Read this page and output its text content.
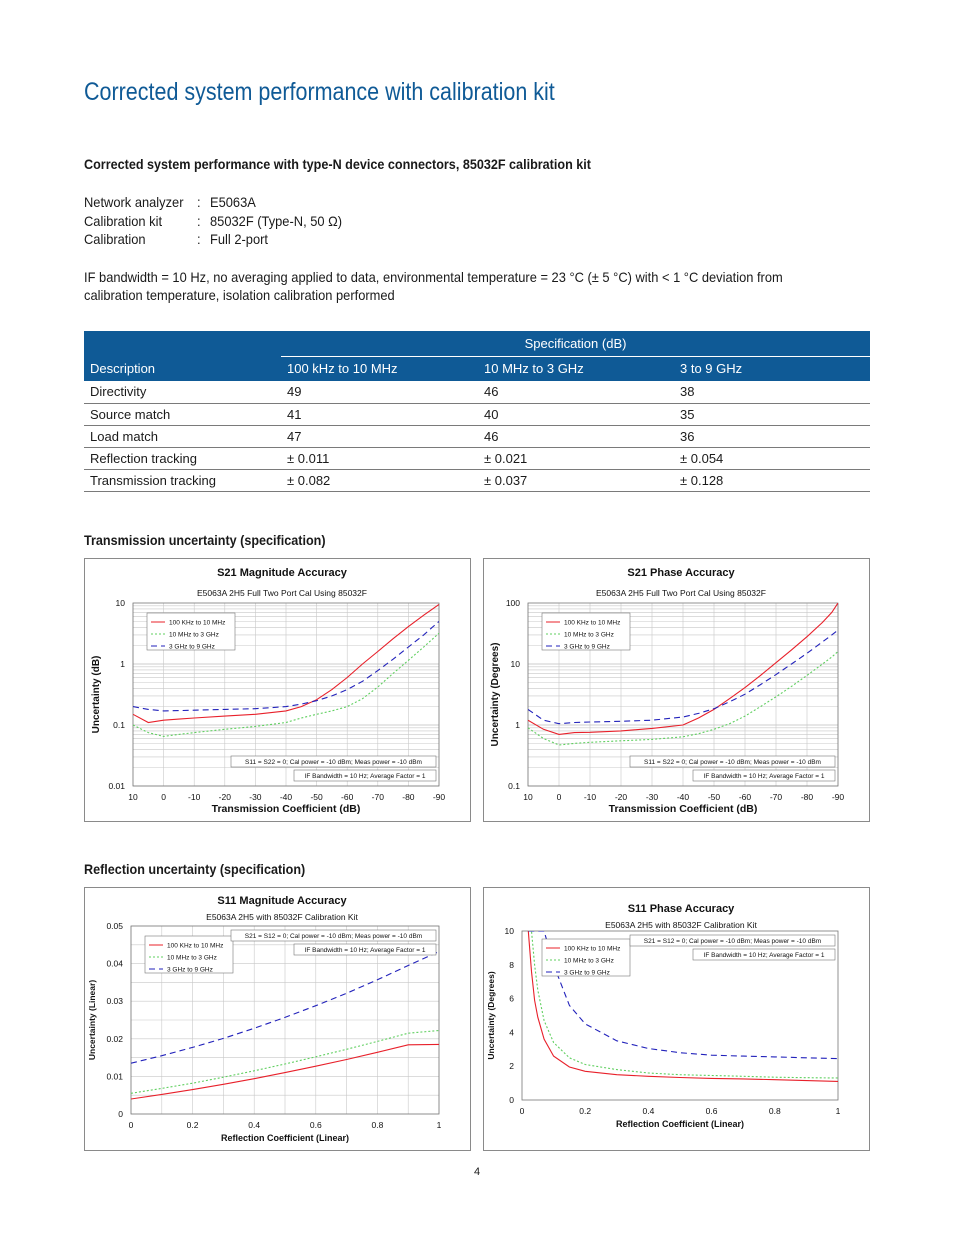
Corrected system performance with calibration kit
Corrected system performance with type-N device connectors, 85032F calibration kit
Network analyzer : E5063A
Calibration kit : 85032F (Type-N, 50 Ω)
Calibration	: Full 2-port
IF bandwidth = 10 Hz, no averaging applied to data, environmental temperature = 23 °C (± 5 °C) with < 1 °C deviation from
calibration temperature, isolation calibration performed
	Specification (dB)		
Description	100 kHz to 10 MHz	10 MHz to 3 GHz	3 to 9 GHz
Directivity	49	46	38
Source match	41	40	35
Load match	47	46	36
Reflection tracking	± 0.011	± 0.021	± 0.054
Transmission tracking	± 0.082	± 0.037	± 0.128
Transmission uncertainty (specification)
S21 Magnitude Accuracy
E5063A 2H5 Full Two Port Cal Using 85032F
10	0	-10 -20 -30 -40 -50 -60 -70 -80 -90
10
1
0.1
0.01
Transmission Coefficient (dB)
Uncertainty (dB)
100 KHz to 10 MHz
10 MHz to 3 GHz
3 GHz to 9 GHz
S11 = S22 = 0; Cal power = -10 dBm; Meas power = -10 dBm
IF Bandwidth = 10 Hz; Average Factor = 1
S21 Phase Accuracy
E5063A 2H5 Full Two Port Cal Using 85032F
10	0	-10 -20 -30 -40 -50 -60 -70 -80 -90
100
10
1
0.1
Transmission Coefficient (dB)
Uncertainty (Degrees)
100 KHz to 10 MHz
10 MHz to 3 GHz
3 GHz to 9 GHz
S11 = S22 = 0; Cal power = -10 dBm; Meas power = -10 dBm
IF Bandwidth = 10 Hz; Average Factor = 1
Reflection uncertainty (specification)
S11 Magnitude Accuracy
E5063A 2H5 with 85032F Calibration Kit
0	0.2	0.4	0.6	0.8	1
0.05
0.04
0.03
0.02
0.01
0
Reflection Coefficient (Linear)
Uncertainty (Linear)
100 KHz to 10 MHz
10 MHz to 3 GHz
3 GHz to 9 GHz
S21 = S12 = 0; Cal power = -10 dBm; Meas power = -10 dBm
IF Bandwidth = 10 Hz; Average Factor = 1
S11 Phase Accuracy
E5063A 2H5 with 85032F Calibration Kit
0	0.2	0.4	0.6	0.8	1
10
8
6
4
2
0
Reflection Coefficient (Linear)
Uncertainty (Degrees)
100 KHz to 10 MHz
10 MHz to 3 GHz
3 GHz to 9 GHz
S21 = S12 = 0; Cal power = -10 dBm; Meas power = -10 dBm
IF Bandwidth = 10 Hz; Average Factor = 1
4
